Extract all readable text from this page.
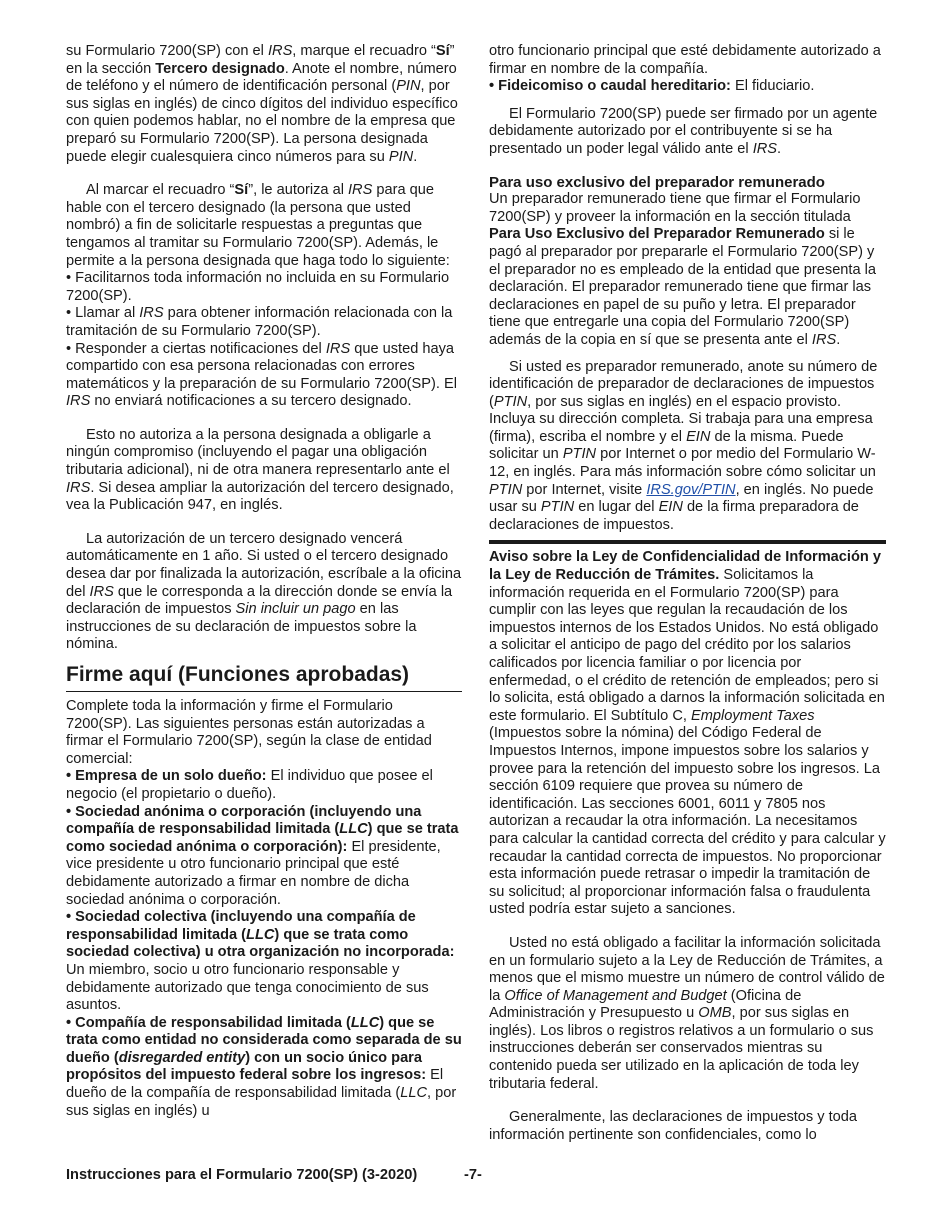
su Formulario 7200(SP) con el IRS, marque el recuadro “Sí” en la sección Tercero designado. Anote el nombre, número de teléfono y el número de identificación personal (PIN, por sus siglas en inglés) de cinco dígitos del individuo específico con quien podemos hablar, no el nombre de la empresa que preparó su Formulario 7200(SP). La persona designada puede elegir cualesquiera cinco números para su PIN.

Al marcar el recuadro “Sí”, le autoriza al IRS para que hable con el tercero designado (la persona que usted nombró) a fin de solicitarle respuestas a preguntas que tengamos al tramitar su Formulario 7200(SP). Además, le permite a la persona designada que haga todo lo siguiente:

• Facilitarnos toda información no incluida en su Formulario 7200(SP).

• Llamar al IRS para obtener información relacionada con la tramitación de su Formulario 7200(SP).

• Responder a ciertas notificaciones del IRS que usted haya compartido con esa persona relacionadas con errores matemáticos y la preparación de su Formulario 7200(SP). El IRS no enviará notificaciones a su tercero designado.

Esto no autoriza a la persona designada a obligarle a ningún compromiso (incluyendo el pagar una obligación tributaria adicional), ni de otra manera representarlo ante el IRS. Si desea ampliar la autorización del tercero designado, vea la Publicación 947, en inglés.

La autorización de un tercero designado vencerá automáticamente en 1 año. Si usted o el tercero designado desea dar por finalizada la autorización, escríbale a la oficina del IRS que le corresponda a la dirección donde se envía la declaración de impuestos Sin incluir un pago en las instrucciones de su declaración de impuestos sobre la nómina.

Firme aquí (Funciones aprobadas)

Complete toda la información y firme el Formulario 7200(SP). Las siguientes personas están autorizadas a firmar el Formulario 7200(SP), según la clase de entidad comercial:

• Empresa de un solo dueño: El individuo que posee el negocio (el propietario o dueño).

• Sociedad anónima o corporación (incluyendo una compañía de responsabilidad limitada (LLC) que se trata como sociedad anónima o corporación): El presidente, vice presidente u otro funcionario principal que esté debidamente autorizado a firmar en nombre de dicha sociedad anónima o corporación.

• Sociedad colectiva (incluyendo una compañía de responsabilidad limitada (LLC) que se trata como sociedad colectiva) u otra organización no incorporada: Un miembro, socio u otro funcionario responsable y debidamente autorizado que tenga conocimiento de sus asuntos.

• Compañía de responsabilidad limitada (LLC) que se trata como entidad no considerada como separada de su dueño (disregarded entity) con un socio único para propósitos del impuesto federal sobre los ingresos: El dueño de la compañía de responsabilidad limitada (LLC, por sus siglas en inglés) u

otro funcionario principal que esté debidamente autorizado a firmar en nombre de la compañía.

• Fideicomiso o caudal hereditario: El fiduciario.

El Formulario 7200(SP) puede ser firmado por un agente debidamente autorizado por el contribuyente si se ha presentado un poder legal válido ante el IRS.

Para uso exclusivo del preparador remunerado

Un preparador remunerado tiene que firmar el Formulario 7200(SP) y proveer la información en la sección titulada Para Uso Exclusivo del Preparador Remunerado si le pagó al preparador por prepararle el Formulario 7200(SP) y el preparador no es empleado de la entidad que presenta la declaración. El preparador remunerado tiene que firmar las declaraciones en papel de su puño y letra. El preparador tiene que entregarle una copia del Formulario 7200(SP) además de la copia en sí que se presenta ante el IRS.

Si usted es preparador remunerado, anote su número de identificación de preparador de declaraciones de impuestos (PTIN, por sus siglas en inglés) en el espacio provisto. Incluya su dirección completa. Si trabaja para una empresa (firma), escriba el nombre y el EIN de la misma. Puede solicitar un PTIN por Internet o por medio del Formulario W-12, en inglés. Para más información sobre cómo solicitar un PTIN por Internet, visite IRS.gov/PTIN, en inglés. No puede usar su PTIN en lugar del EIN de la firma preparadora de declaraciones de impuestos.

Aviso sobre la Ley de Confidencialidad de Información y la Ley de Reducción de Trámites. Solicitamos la información requerida en el Formulario 7200(SP) para cumplir con las leyes que regulan la recaudación de los impuestos internos de los Estados Unidos. No está obligado a solicitar el anticipo de pago del crédito por los salarios calificados por licencia familiar o por licencia por enfermedad, o el crédito de retención de empleados; pero si lo solicita, está obligado a darnos la información solicitada en este formulario. El Subtítulo C, Employment Taxes (Impuestos sobre la nómina) del Código Federal de Impuestos Internos, impone impuestos sobre los salarios y provee para la retención del impuesto sobre los ingresos. La sección 6109 requiere que provea su número de identificación. Las secciones 6001, 6011 y 7805 nos autorizan a recaudar la otra información. La necesitamos para calcular la cantidad correcta del crédito y para calcular y recaudar la cantidad correcta de impuestos. No proporcionar esta información puede retrasar o impedir la tramitación de su solicitud; al proporcionar información falsa o fraudulenta usted podría estar sujeto a sanciones.

Usted no está obligado a facilitar la información solicitada en un formulario sujeto a la Ley de Reducción de Trámites, a menos que el mismo muestre un número de control válido de la Office of Management and Budget (Oficina de Administración y Presupuesto u OMB, por sus siglas en inglés). Los libros o registros relativos a un formulario o sus instrucciones deberán ser conservados mientras su contenido pueda ser utilizado en la aplicación de toda ley tributaria federal.

Generalmente, las declaraciones de impuestos y toda información pertinente son confidenciales, como lo

Instrucciones para el Formulario 7200(SP) (3-2020)	-7-
